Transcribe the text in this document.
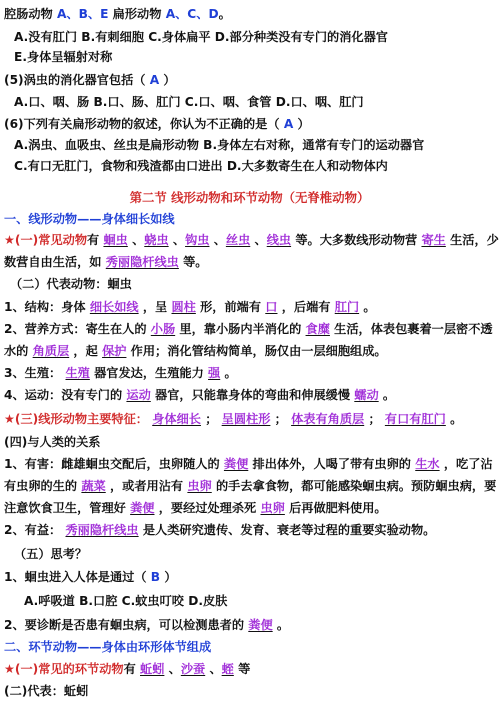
腔肠动物 A、B、E 扁形动物 A、C、D。
A.没有肛门 B.有刺细胞 C.身体扁平 D.部分种类没有专门的消化器官
E.身体呈辐射对称
(5)涡虫的消化器官包括（ A ）
A.口、咽、肠 B.口、肠、肛门 C.口、咽、食管 D.口、咽、肛门
(6)下列有关扁形动物的叙述，你认为不正确的是（ A ）
A.涡虫、血吸虫、丝虫是扁形动物 B.身体左右对称，通常有专门的运动器官
C.有口无肛门，食物和残渣都由口进出 D.大多数寄生在人和动物体内
第二节 线形动物和环节动物（无脊椎动物）
一、线形动物——身体细长如线
★(一)常见动物有 蛔虫 、蛲虫 、钩虫 、丝虫 、线虫 等。大多数线形动物营 寄生 生活，少
数营自由生活，如 秀丽隐杆线虫 等。
（二）代表动物：蛔虫
1、结构：身体 细长如线 ，呈 圆柱 形，前端有 口 ，后端有 肛门 。
2、营养方式：寄生在人的 小肠 里，靠小肠内半消化的 食糜 生活，体表包裹着一层密不透
水的 角质层 ，起 保护 作用；消化管结构简单，肠仅由一层细胞组成。
3、生殖： 生殖 器官发达，生殖能力 强 。
4、运动：没有专门的 运动 器官，只能靠身体的弯曲和伸展缓慢 蠕动 。
★(三)线形动物主要特征： 身体细长 ； 呈圆柱形 ； 体表有角质层 ； 有口有肛门 。
(四)与人类的关系
1、有害：雌雄蛔虫交配后，虫卵随人的 粪便 排出体外，人喝了带有虫卵的 生水 ，吃了沾
有虫卵的生的 蔬菜 ，或者用沾有 虫卵 的手去拿食物，都可能感染蛔虫病。预防蛔虫病，要
注意饮食卫生，管理好 粪便 ，要经过处理杀死 虫卵 后再做肥料使用。
2、有益： 秀丽隐杆线虫 是人类研究遗传、发育、衰老等过程的重要实验动物。
（五）思考？
1、蛔虫进入人体是通过（ B ）
A.呼吸道 B.口腔 C.蚊虫叮咬 D.皮肤
2、要诊断是否患有蛔虫病，可以检测患者的 粪便 。
二、环节动物——身体由环形体节组成
★(一)常见的环节动物有 蚯蚓 、沙蚕 、蛭 等
(二)代表：蚯蚓
